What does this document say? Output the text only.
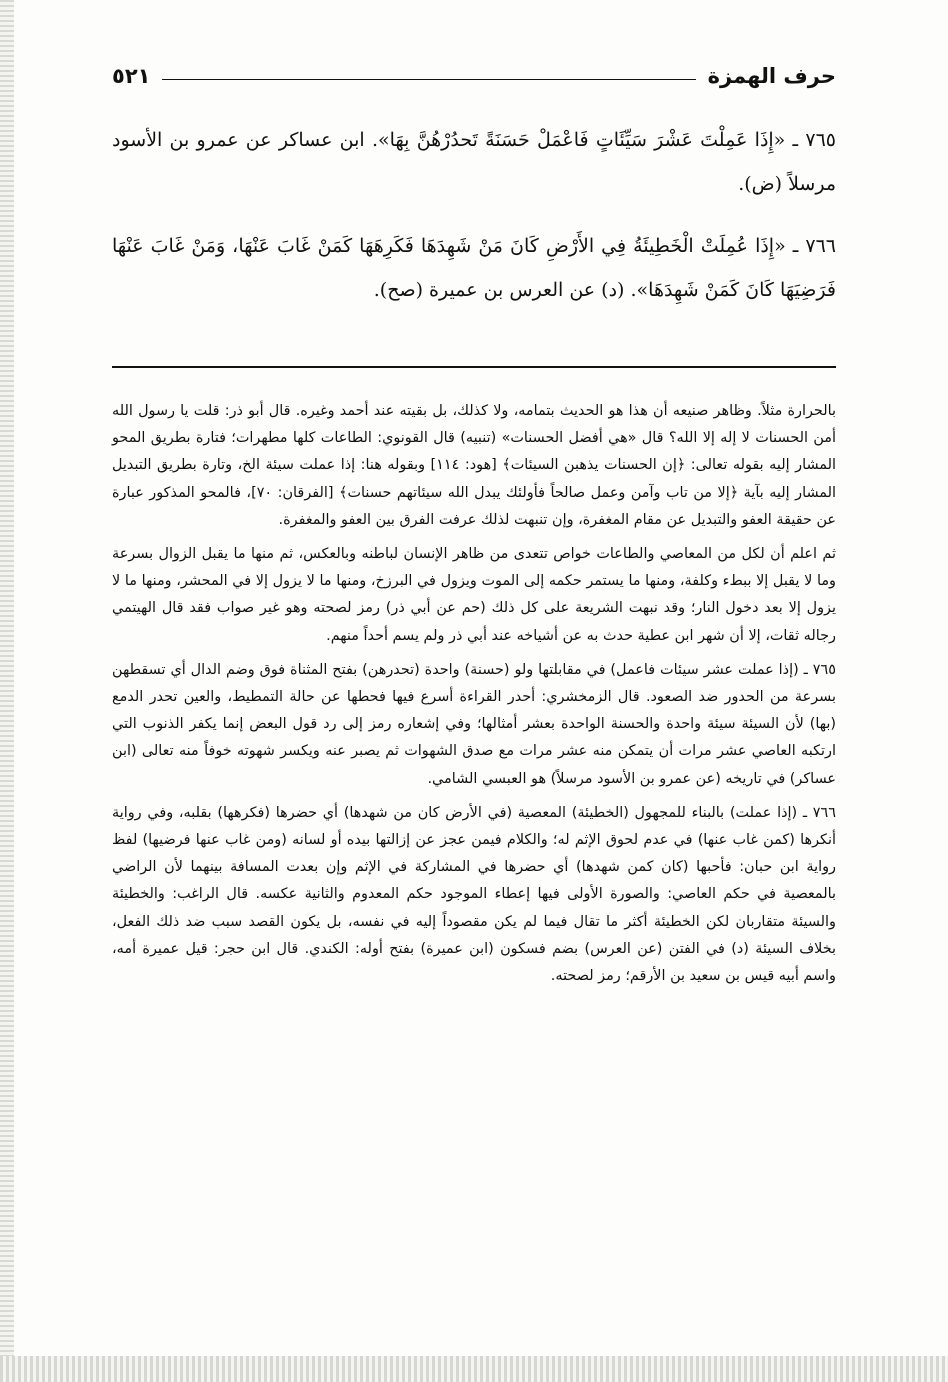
حرف الهمزة
٥٢١

٧٦٥ ـ «إِذَا عَمِلْتَ عَشْرَ سَيِّئَاتٍ فَاعْمَلْ حَسَنَةً تَحدُرْهُنَّ بِهَا». ابن عساكر عن عمرو بن الأسود مرسلاً (ض).

٧٦٦ ـ «إِذَا عُمِلَتْ الْخَطِيئَةُ فِي الأَرْضِ كَانَ مَنْ شَهِدَهَا فَكَرِهَهَا كَمَنْ غَابَ عَنْهَا، وَمَنْ غَابَ عَنْهَا فَرَضِيَهَا كَانَ كَمَنْ شَهِدَهَا». (د) عن العرس بن عميرة (صح).

بالحرارة مثلاً. وظاهر صنيعه أن هذا هو الحديث بتمامه، ولا كذلك، بل بقيته عند أحمد وغيره. قال أبو ذر: قلت يا رسول الله أمن الحسنات لا إله إلا الله؟ قال «هي أفضل الحسنات» (تنبيه) قال القونوي: الطاعات كلها مطهرات؛ فتارة بطريق المحو المشار إليه بقوله تعالى: ﴿إن الحسنات يذهبن السيئات﴾ [هود: ١١٤] وبقوله هنا: إذا عملت سيئة الخ، وتارة بطريق التبديل المشار إليه بآية ﴿إلا من تاب وآمن وعمل صالحاً فأولئك يبدل الله سيئاتهم حسنات﴾ [الفرقان: ٧٠]، فالمحو المذكور عبارة عن حقيقة العفو والتبديل عن مقام المغفرة، وإن تنبهت لذلك عرفت الفرق بين العفو والمغفرة.

ثم اعلم أن لكل من المعاصي والطاعات خواص تتعدى من ظاهر الإنسان لباطنه وبالعكس، ثم منها ما يقبل الزوال بسرعة وما لا يقبل إلا ببطء وكلفة، ومنها ما يستمر حكمه إلى الموت ويزول في البرزخ، ومنها ما لا يزول إلا في المحشر، ومنها ما لا يزول إلا بعد دخول النار؛ وقد نبهت الشريعة على كل ذلك (حم عن أبي ذر) رمز لصحته وهو غير صواب فقد قال الهيتمي رجاله ثقات، إلا أن شهر ابن عطية حدث به عن أشياخه عند أبي ذر ولم يسم أحداً منهم.

٧٦٥ ـ (إذا عملت عشر سيئات فاعمل) في مقابلتها ولو (حسنة) واحدة (تحدرهن) بفتح المثناة فوق وضم الدال أي تسقطهن بسرعة من الحدور ضد الصعود. قال الزمخشري: أحدر القراءة أسرع فيها فحطها عن حالة التمطيط، والعين تحدر الدمع (بها) لأن السيئة سيئة واحدة والحسنة الواحدة بعشر أمثالها؛ وفي إشعاره رمز إلى رد قول البعض إنما يكفر الذنوب التي ارتكبه العاصي عشر مرات أن يتمكن منه عشر مرات مع صدق الشهوات ثم يصبر عنه ويكسر شهوته خوفاً منه تعالى (ابن عساكر) في تاريخه (عن عمرو بن الأسود مرسلاً) هو العبسي الشامي.

٧٦٦ ـ (إذا عملت) بالبناء للمجهول (الخطيئة) المعصية (في الأرض كان من شهدها) أي حضرها (فكرهها) بقلبه، وفي رواية أنكرها (كمن غاب عنها) في عدم لحوق الإثم له؛ والكلام فيمن عجز عن إزالتها بيده أو لسانه (ومن غاب عنها فرضيها) لفظ رواية ابن حبان: فأحبها (كان كمن شهدها) أي حضرها في المشاركة في الإثم وإن بعدت المسافة بينهما لأن الراضي بالمعصية في حكم العاصي: والصورة الأولى فيها إعطاء الموجود حكم المعدوم والثانية عكسه. قال الراغب: والخطيئة والسيئة متقاربان لكن الخطيئة أكثر ما تقال فيما لم يكن مقصوداً إليه في نفسه، بل يكون القصد سبب ضد ذلك الفعل، بخلاف السيئة (د) في الفتن (عن العرس) بضم فسكون (ابن عميرة) بفتح أوله: الكندي. قال ابن حجر: قيل عميرة أمه، واسم أبيه قيس بن سعيد بن الأرقم؛ رمز لصحته.
